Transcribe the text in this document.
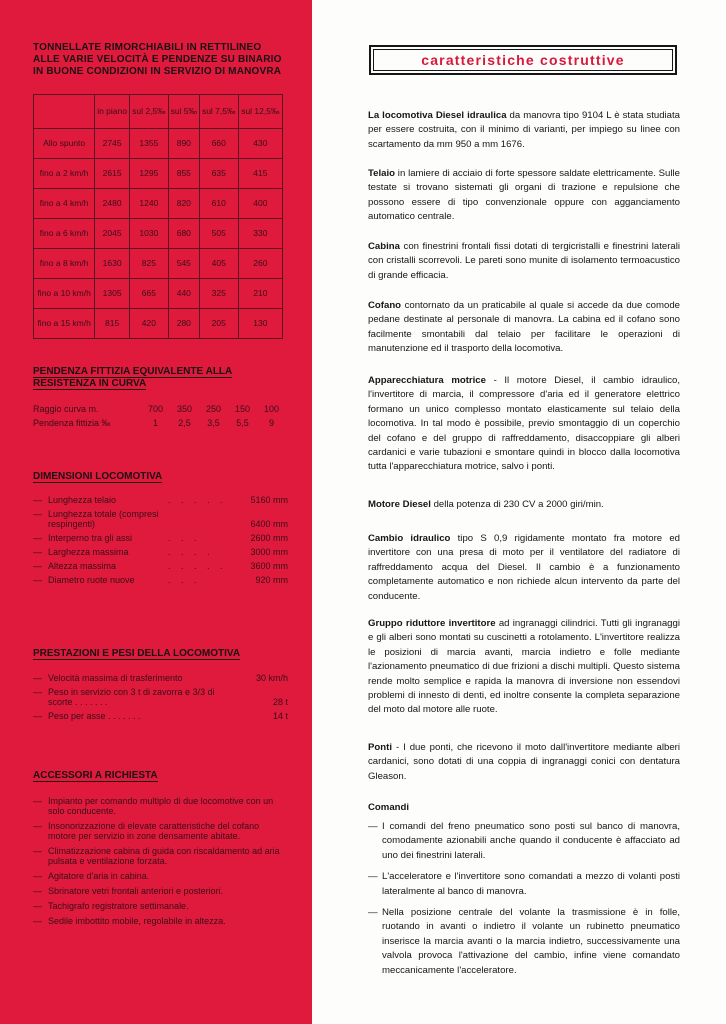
TONNELLATE RIMORCHIABILI IN RETTILINEO ALLE VARIE VELOCITÀ E PENDENZE SU BINARIO IN BUONE CONDIZIONI IN SERVIZIO DI MANOVRA
	in piano	sul 2,5‰	sul 5‰	sul 7,5‰	sul 12,5‰
Allo spunto	2745	1355	890	660	430
fino a 2 km/h	2615	1295	855	635	415
fino a 4 km/h	2480	1240	820	610	400
fino a 6 km/h	2045	1030	680	505	330
fino a 8 km/h	1630	825	545	405	260
fino a 10 km/h	1305	665	440	325	210
fino a 15 km/h	815	420	280	205	130
PENDENZA FITTIZIA EQUIVALENTE ALLA RESISTENZA IN CURVA
Raggio curva m.	700	350	250	150	100
Pendenza fittizia ‰	1	2,5	3,5	5,5	9
DIMENSIONI LOCOMOTIVA
— Lunghezza telaio	. . . . .	5160 mm
— Lunghezza totale (compresi respingenti)	6400 mm
— Interperno tra gli assi	. . .	2600 mm
— Larghezza massima	. . . .	3000 mm
— Altezza massima	. . . . .	3600 mm
— Diametro ruote nuove	. . .	920 mm
PRESTAZIONI E PESI DELLA LOCOMOTIVA
— Velocità massima di trasferimento	30 km/h
— Peso in servizio con 3 t di zavorra e 3/3 di scorte . . . . . . .	28 t
— Peso per asse . . . . . . .	14 t
ACCESSORI A RICHIESTA
— Impianto per comando multiplo di due locomotive con un solo conducente.
— Insonorizzazione di elevate caratteristiche del cofano motore per servizio in zone densamente abitate.
— Climatizzazione cabina di guida con riscaldamento ad aria pulsata e ventilazione forzata.
— Agitatore d'aria in cabina.
— Sbrinatore vetri frontali anteriori e posteriori.
— Tachigrafo registratore settimanale.
— Sedile imbottito mobile, regolabile in altezza.
caratteristiche costruttive
La locomotiva Diesel idraulica da manovra tipo 9104 L è stata studiata per essere costruita, con il minimo di varianti, per impiego su linee con scartamento da mm 950 a mm 1676.
Telaio in lamiere di acciaio di forte spessore saldate elettricamente. Sulle testate si trovano sistemati gli organi di trazione e repulsione che possono essere di tipo convenzionale oppure con agganciamento automatico centrale.
Cabina con finestrini frontali fissi dotati di tergicristalli e finestrini laterali con cristalli scorrevoli. Le pareti sono munite di isolamento termoacustico di grande efficacia.
Cofano contornato da un praticabile al quale si accede da due comode pedane destinate al personale di manovra. La cabina ed il cofano sono facilmente smontabili dal telaio per facilitare le operazioni di manutenzione ed il trasporto della locomotiva.
Apparecchiatura motrice - Il motore Diesel, il cambio idraulico, l'invertitore di marcia, il compressore d'aria ed il generatore elettrico formano un unico complesso montato elasticamente sul telaio della locomotiva. In tal modo è possibile, previo smontaggio di un coperchio del cofano e del gruppo di raffreddamento, disaccoppiare gli alberi cardanici e varie tubazioni e smontare quindi in blocco dalla locomotiva tutta l'apparecchiatura motrice, salvo i ponti.
Motore Diesel della potenza di 230 CV a 2000 giri/min.
Cambio idraulico tipo S 0,9 rigidamente montato fra motore ed invertitore con una presa di moto per il ventilatore del radiatore di raffreddamento acqua del Diesel. Il cambio è a funzionamento completamente automatico e non richiede alcun intervento da parte del conducente.
Gruppo riduttore invertitore ad ingranaggi cilindrici. Tutti gli ingranaggi e gli alberi sono montati su cuscinetti a rotolamento. L'invertitore realizza le posizioni di marcia avanti, marcia indietro e folle mediante l'azionamento pneumatico di due frizioni a dischi multipli. Questo sistema rende molto semplice e rapida la manovra di inversione non essendovi problemi di innesto di denti, ed inoltre consente la completa separazione del moto dal motore alle ruote.
Ponti - I due ponti, che ricevono il moto dall'invertitore mediante alberi cardanici, sono dotati di una coppia di ingranaggi conici con dentatura Gleason.
Comandi
— I comandi del freno pneumatico sono posti sul banco di manovra, comodamente azionabili anche quando il conducente è affacciato ad uno dei finestrini laterali.
— L'acceleratore e l'invertitore sono comandati a mezzo di volanti posti lateralmente al banco di manovra.
— Nella posizione centrale del volante la trasmissione è in folle, ruotando in avanti o indietro il volante un rubinetto pneumatico inserisce la marcia avanti o la marcia indietro, successivamente una valvola provoca l'attivazione del cambio, infine viene comandato meccanicamente l'acceleratore.
